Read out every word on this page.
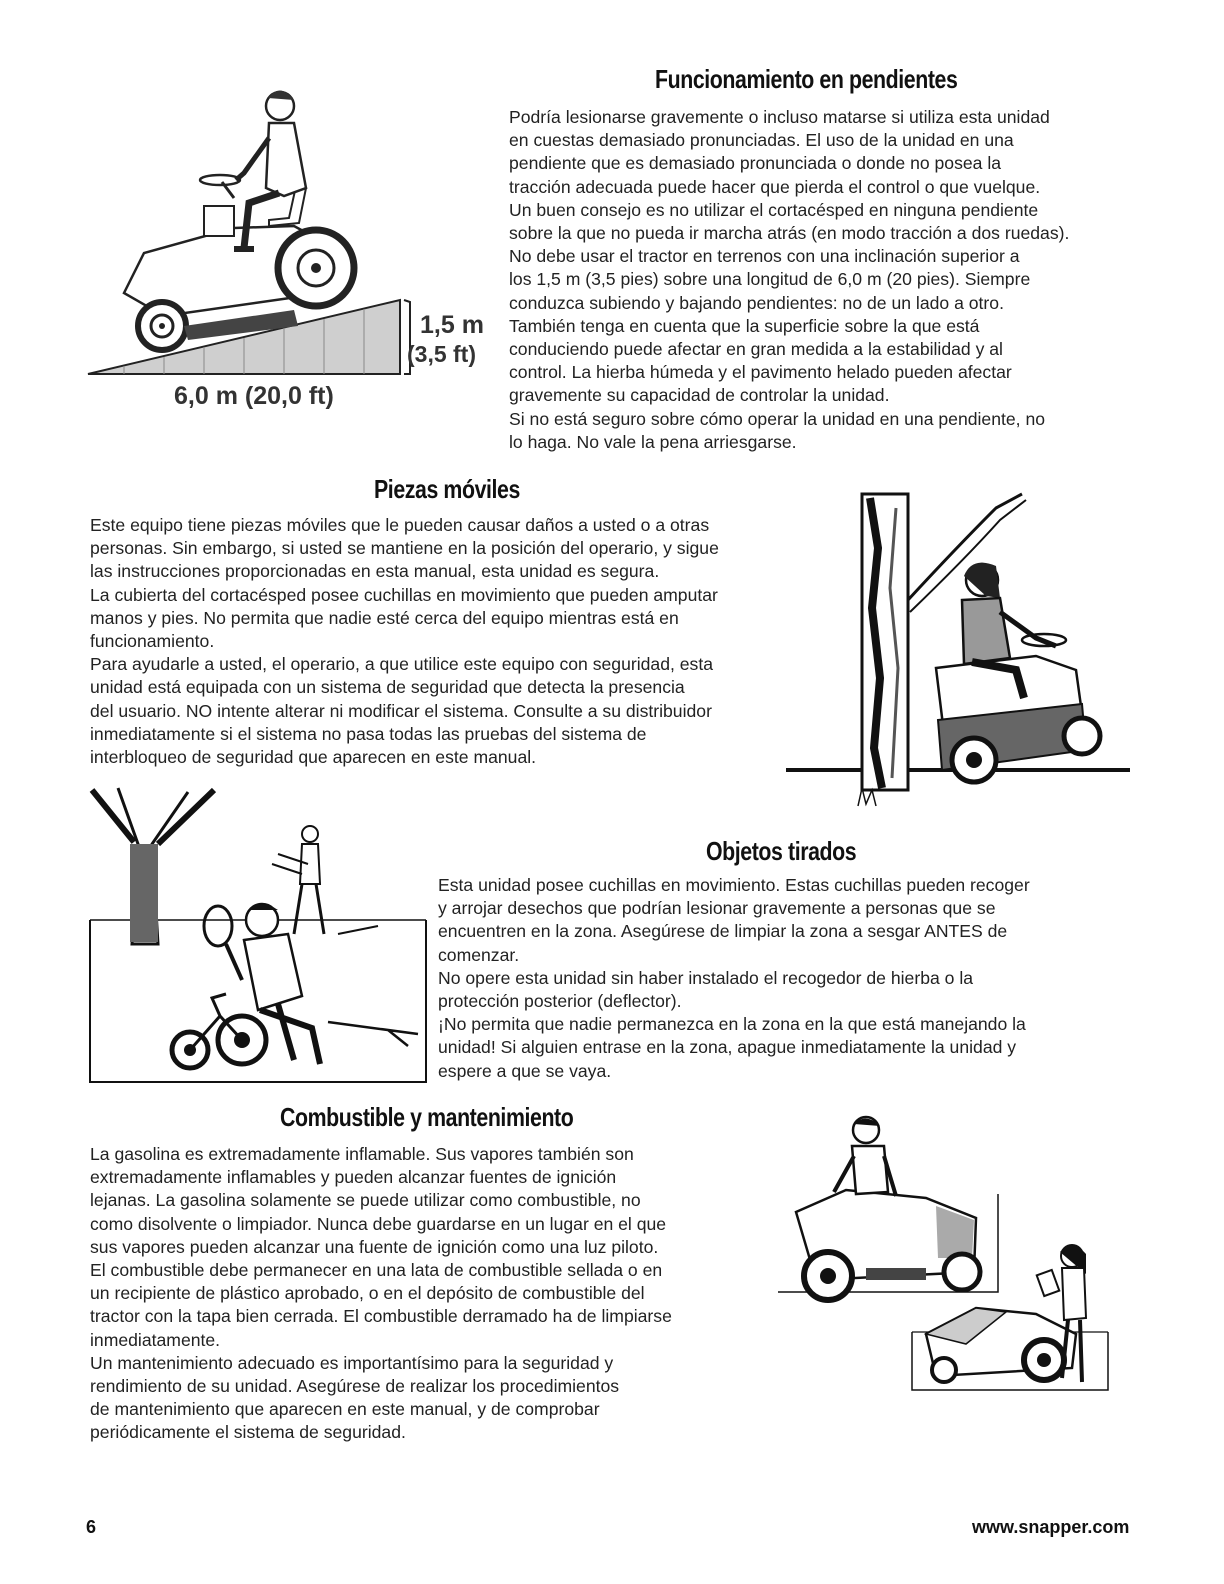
Funcionamiento en pendientes
Podría lesionarse gravemente o incluso matarse si utiliza esta unidad
en cuestas demasiado pronunciadas. El uso de la unidad en una
pendiente que es demasiado pronunciada o donde no posea la
tracción adecuada puede hacer que pierda el control o que vuelque.
Un buen consejo es no utilizar el cortacésped en ninguna pendiente
sobre la que no pueda ir marcha atrás (en modo tracción a dos ruedas).
No debe usar el tractor en terrenos con una inclinación superior a
los 1,5 m (3,5 pies) sobre una longitud de 6,0 m (20 pies). Siempre
conduzca subiendo y bajando pendientes: no de un lado a otro.
También tenga en cuenta que la superficie sobre la que está
conduciendo puede afectar en gran medida a la estabilidad y al
control. La hierba húmeda y el pavimento helado pueden afectar
gravemente su capacidad de controlar la unidad.
Si no está seguro sobre cómo operar la unidad en una pendiente, no
lo haga. No vale la pena arriesgarse.
1,5 m
(3,5 ft)
6,0 m (20,0 ft)
Piezas móviles
Este equipo tiene piezas móviles que le pueden causar daños a usted o a otras
personas. Sin embargo, si usted se mantiene en la posición del operario, y sigue
las instrucciones proporcionadas en esta manual, esta unidad es segura.
La cubierta del cortacésped posee cuchillas en movimiento que pueden amputar
manos y pies. No permita que nadie esté cerca del equipo mientras está en
funcionamiento.
Para ayudarle a usted, el operario, a que utilice este equipo con seguridad, esta
unidad está equipada con un sistema de seguridad que detecta la presencia
del usuario. NO intente alterar ni modificar el sistema. Consulte a su distribuidor
inmediatamente si el sistema no pasa todas las pruebas del sistema de
interbloqueo de seguridad que aparecen en este manual.
Objetos tirados
Esta unidad posee cuchillas en movimiento. Estas cuchillas pueden recoger
y arrojar desechos que podrían lesionar gravemente a personas que se
encuentren en la zona. Asegúrese de limpiar la zona a sesgar ANTES de
comenzar.
No opere esta unidad sin haber instalado el recogedor de hierba o la
protección posterior (deflector).
¡No permita que nadie permanezca en la zona en la que está manejando la
unidad! Si alguien entrase en la zona, apague inmediatamente la unidad y
espere a que se vaya.
Combustible y mantenimiento
La gasolina es extremadamente inflamable. Sus vapores también son
extremadamente inflamables y pueden alcanzar fuentes de ignición
lejanas. La gasolina solamente se puede utilizar como combustible, no
como disolvente o limpiador. Nunca debe guardarse en un lugar en el que
sus vapores pueden alcanzar una fuente de ignición como una luz piloto.
El combustible debe permanecer en una lata de combustible sellada o en
un recipiente de plástico aprobado, o en el depósito de combustible del
tractor con la tapa bien cerrada. El combustible derramado ha de limpiarse
inmediatamente.
Un mantenimiento adecuado es importantísimo para la seguridad y
rendimiento de su unidad. Asegúrese de realizar los procedimientos
de mantenimiento que aparecen en este manual, y de comprobar
periódicamente el sistema de seguridad.
6	www.snapper.com
